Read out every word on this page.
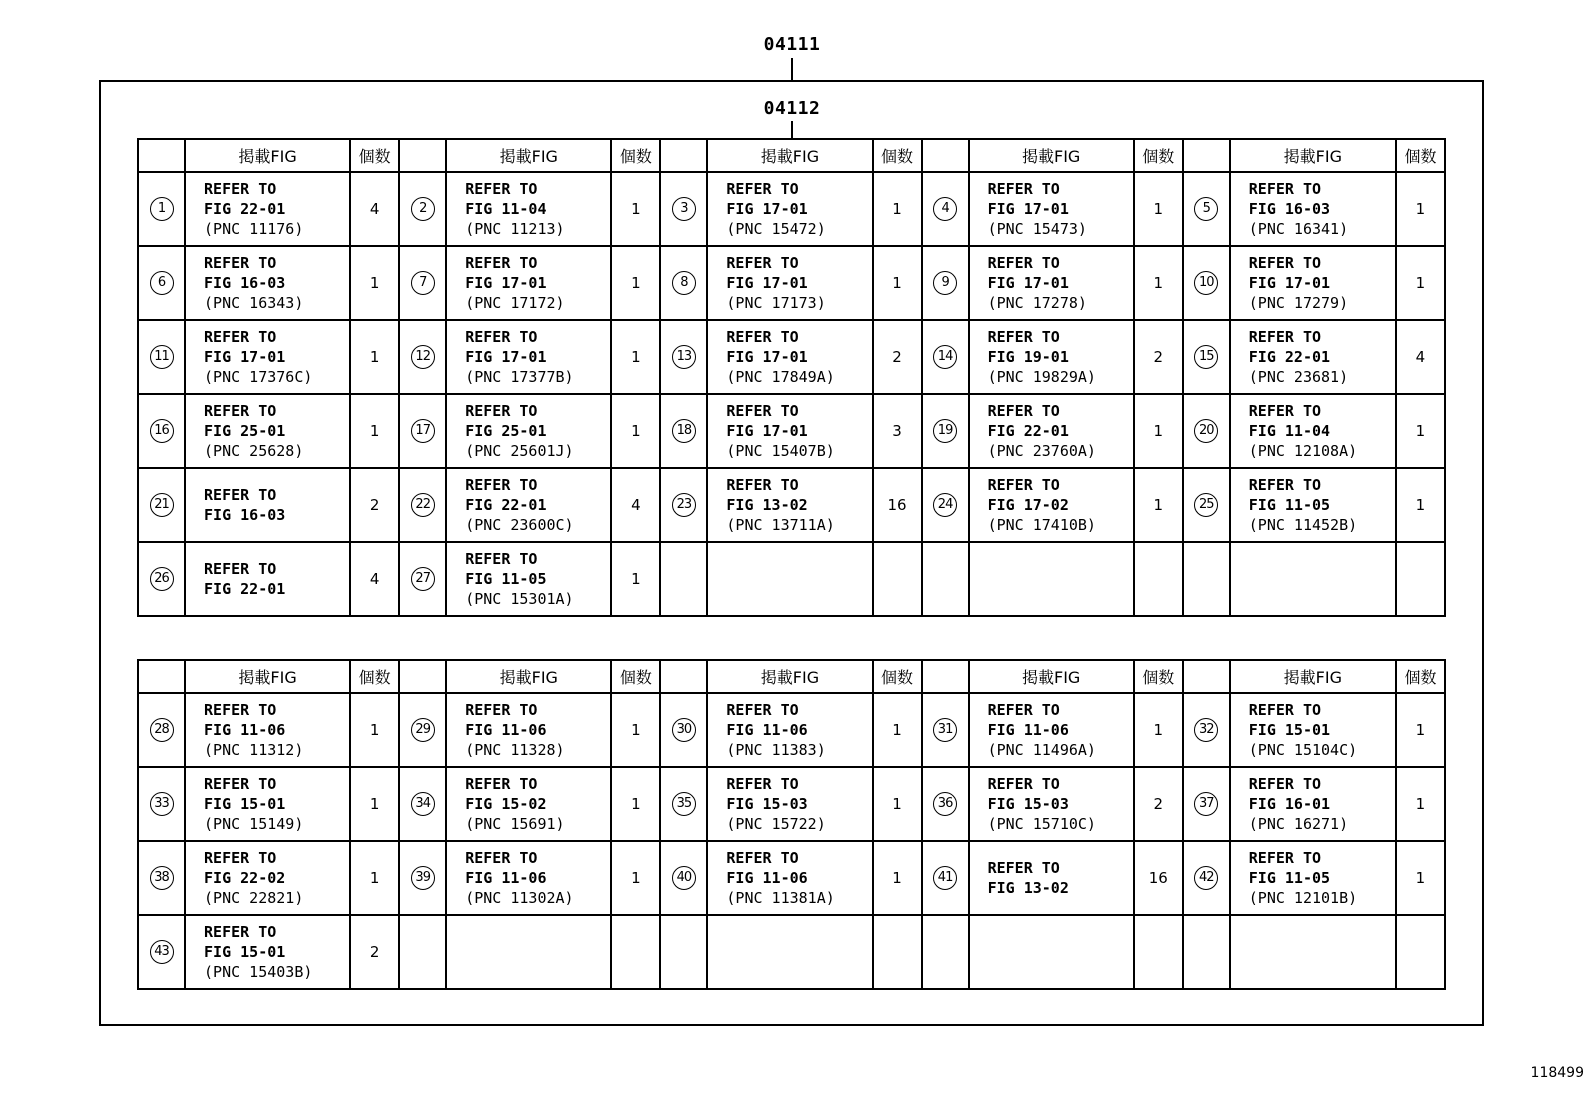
04111
04112
	掲載FIG	個数		掲載FIG	個数		掲載FIG	個数		掲載FIG	個数		掲載FIG	個数
1	REFER TO
FIG 22-01
(PNC 11176)	4	2	REFER TO
FIG 11-04
(PNC 11213)	1	3	REFER TO
FIG 17-01
(PNC 15472)	1	4	REFER TO
FIG 17-01
(PNC 15473)	1	5	REFER TO
FIG 16-03
(PNC 16341)	1
6	REFER TO
FIG 16-03
(PNC 16343)	1	7	REFER TO
FIG 17-01
(PNC 17172)	1	8	REFER TO
FIG 17-01
(PNC 17173)	1	9	REFER TO
FIG 17-01
(PNC 17278)	1	10	REFER TO
FIG 17-01
(PNC 17279)	1
11	REFER TO
FIG 17-01
(PNC 17376C)	1	12	REFER TO
FIG 17-01
(PNC 17377B)	1	13	REFER TO
FIG 17-01
(PNC 17849A)	2	14	REFER TO
FIG 19-01
(PNC 19829A)	2	15	REFER TO
FIG 22-01
(PNC 23681)	4
16	REFER TO
FIG 25-01
(PNC 25628)	1	17	REFER TO
FIG 25-01
(PNC 25601J)	1	18	REFER TO
FIG 17-01
(PNC 15407B)	3	19	REFER TO
FIG 22-01
(PNC 23760A)	1	20	REFER TO
FIG 11-04
(PNC 12108A)	1
21	REFER TO
FIG 16-03	2	22	REFER TO
FIG 22-01
(PNC 23600C)	4	23	REFER TO
FIG 13-02
(PNC 13711A)	16	24	REFER TO
FIG 17-02
(PNC 17410B)	1	25	REFER TO
FIG 11-05
(PNC 11452B)	1
26	REFER TO
FIG 22-01	4	27	REFER TO
FIG 11-05
(PNC 15301A)	1									
	掲載FIG	個数		掲載FIG	個数		掲載FIG	個数		掲載FIG	個数		掲載FIG	個数
28	REFER TO
FIG 11-06
(PNC 11312)	1	29	REFER TO
FIG 11-06
(PNC 11328)	1	30	REFER TO
FIG 11-06
(PNC 11383)	1	31	REFER TO
FIG 11-06
(PNC 11496A)	1	32	REFER TO
FIG 15-01
(PNC 15104C)	1
33	REFER TO
FIG 15-01
(PNC 15149)	1	34	REFER TO
FIG 15-02
(PNC 15691)	1	35	REFER TO
FIG 15-03
(PNC 15722)	1	36	REFER TO
FIG 15-03
(PNC 15710C)	2	37	REFER TO
FIG 16-01
(PNC 16271)	1
38	REFER TO
FIG 22-02
(PNC 22821)	1	39	REFER TO
FIG 11-06
(PNC 11302A)	1	40	REFER TO
FIG 11-06
(PNC 11381A)	1	41	REFER TO
FIG 13-02	16	42	REFER TO
FIG 11-05
(PNC 12101B)	1
43	REFER TO
FIG 15-01
(PNC 15403B)	2												
118499
